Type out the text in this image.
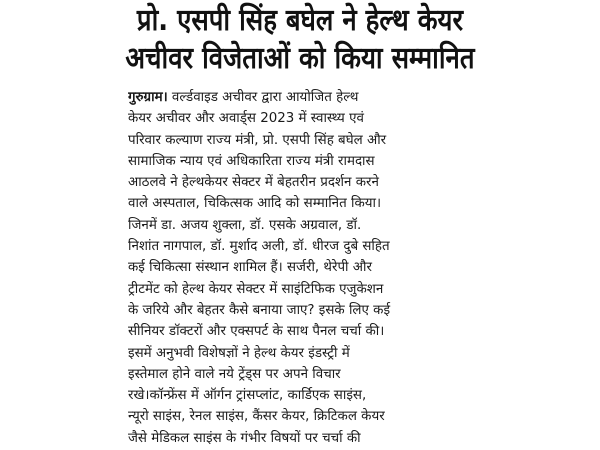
प्रो. एसपी सिंह बघेल ने हेल्थ केयर
अचीवर विजेताओं को किया सम्मानित
गुरुग्राम। वर्ल्डवाइड अचीवर द्वारा आयोजित हेल्थ
केयर अचीवर और अवार्ड्स 2023 में स्वास्थ्य एवं
परिवार कल्याण राज्य मंत्री, प्रो. एसपी सिंह बघेल और
सामाजिक न्याय एवं अधिकारिता राज्य मंत्री रामदास
आठलवे ने हेल्थकेयर सेक्टर में बेहतरीन प्रदर्शन करने
वाले अस्पताल, चिकित्सक आदि को सम्मानित किया।
जिनमें डा. अजय शुक्ला, डॉ. एसके अग्रवाल, डॉ.
निशांत नागपाल, डॉ. मुर्शाद अली, डॉ. धीरज दुबे सहित
कई चिकित्सा संस्थान शामिल हैं। सर्जरी, थेरेपी और
ट्रीटमेंट को हेल्थ केयर सेक्टर में साइंटिफिक एजुकेशन
के जरिये और बेहतर कैसे बनाया जाए? इसके लिए कई
सीनियर डॉक्टरों और एक्सपर्ट के साथ पैनल चर्चा की।
इसमें अनुभवी विशेषज्ञों ने हेल्थ केयर इंडस्ट्री में
इस्तेमाल होने वाले नये ट्रेंड्स पर अपने विचार
रखे।कॉन्फ्रेंस में ऑर्गन ट्रांसप्लांट, कार्डिएक साइंस,
न्यूरो साइंस, रेनल साइंस, कैंसर केयर, क्रिटिकल केयर
जैसे मेडिकल साइंस के गंभीर विषयों पर चर्चा की
